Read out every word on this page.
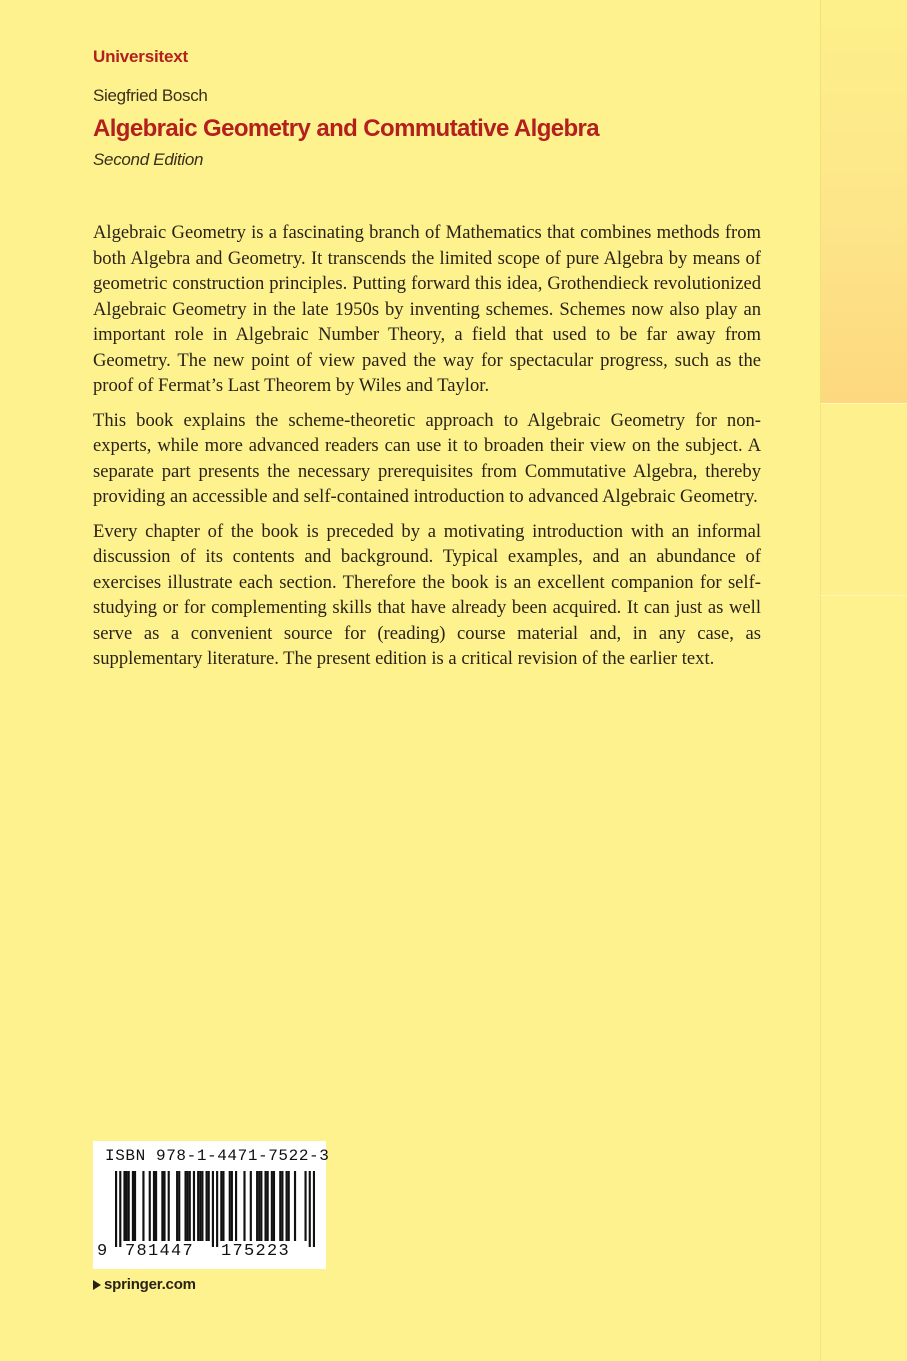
Universitext
Siegfried Bosch
Algebraic Geometry and Commutative Algebra
Second Edition

Algebraic Geometry is a fascinating branch of Mathematics that combines methods from both Algebra and Geometry. It transcends the limited scope of pure Algebra by means of geometric construction principles. Putting forward this idea, Grothendieck revolutionized Algebraic Geometry in the late 1950s by inventing schemes. Schemes now also play an important role in Algebraic Number Theory, a field that used to be far away from Geometry. The new point of view paved the way for spectacular progress, such as the proof of Fermat’s Last Theorem by Wiles and Taylor.

This book explains the scheme-theoretic approach to Algebraic Geometry for non-experts, while more advanced readers can use it to broaden their view on the subject. A separate part presents the necessary prerequisites from Commutative Algebra, thereby providing an accessible and self-contained introduction to advanced Algebraic Geometry.

Every chapter of the book is preceded by a motivating introduction with an informal discussion of its contents and background. Typical examples, and an abundance of exercises illustrate each section. Therefore the book is an excellent companion for self-studying or for complementing skills that have already been acquired. It can just as well serve as a convenient source for (reading) course material and, in any case, as supplementary literature. The present edition is a critical revision of the earlier text.

ISBN 978-1-4471-7522-3
9 781447 175223
springer.com
